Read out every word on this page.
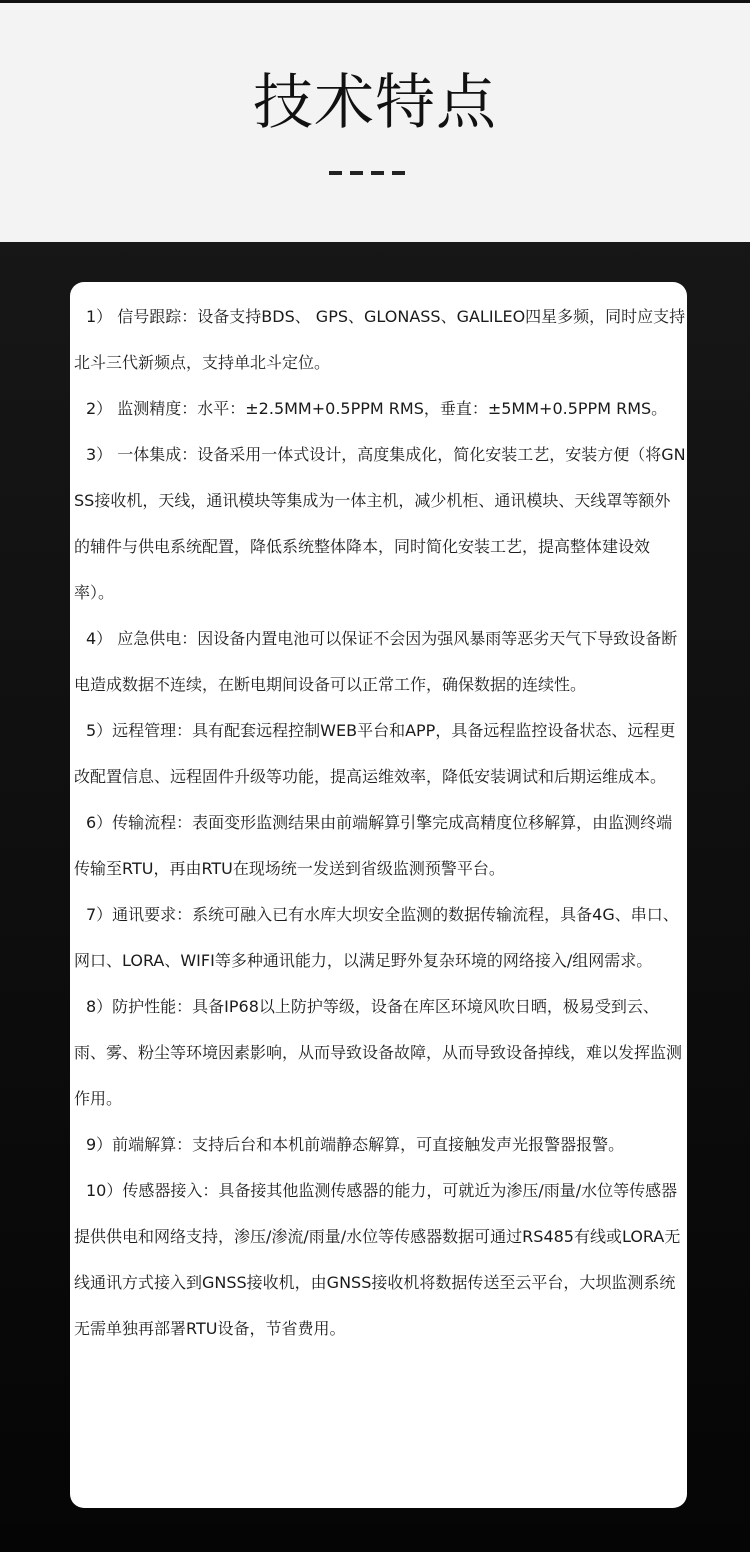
技术特点

1） 信号跟踪：设备支持BDS、 GPS、GLONASS、GALILEO四星多频，同时应支持北斗三代新频点，支持单北斗定位。

2） 监测精度：水平：±2.5MM+0.5PPM RMS，垂直：±5MM+0.5PPM RMS。

3） 一体集成：设备采用一体式设计，高度集成化，简化安装工艺，安装方便（将GNSS接收机，天线，通讯模块等集成为一体主机，减少机柜、通讯模块、天线罩等额外的辅件与供电系统配置，降低系统整体降本，同时简化安装工艺，提高整体建设效率）。

4） 应急供电：因设备内置电池可以保证不会因为强风暴雨等恶劣天气下导致设备断电造成数据不连续，在断电期间设备可以正常工作，确保数据的连续性。

5）远程管理：具有配套远程控制WEB平台和APP，具备远程监控设备状态、远程更改配置信息、远程固件升级等功能，提高运维效率，降低安装调试和后期运维成本。

6）传输流程：表面变形监测结果由前端解算引擎完成高精度位移解算，由监测终端传输至RTU，再由RTU在现场统一发送到省级监测预警平台。

7）通讯要求：系统可融入已有水库大坝安全监测的数据传输流程，具备4G、串口、网口、LORA、WIFI等多种通讯能力，以满足野外复杂环境的网络接入/组网需求。

8）防护性能：具备IP68以上防护等级，设备在库区环境风吹日晒，极易受到云、雨、雾、粉尘等环境因素影响，从而导致设备故障，从而导致设备掉线，难以发挥监测作用。

9）前端解算：支持后台和本机前端静态解算，可直接触发声光报警器报警。

10）传感器接入：具备接其他监测传感器的能力，可就近为渗压/雨量/水位等传感器提供供电和网络支持，渗压/渗流/雨量/水位等传感器数据可通过RS485有线或LORA无线通讯方式接入到GNSS接收机，由GNSS接收机将数据传送至云平台，大坝监测系统无需单独再部署RTU设备，节省费用。
